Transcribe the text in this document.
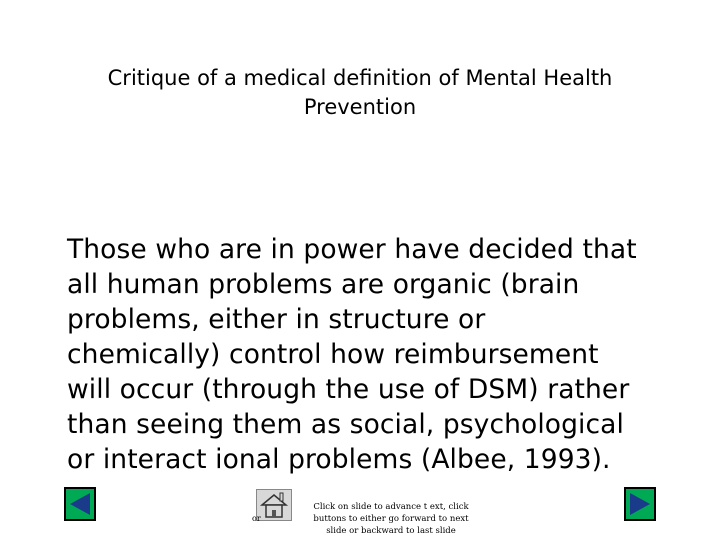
Critique of a medical definition of Mental Health
Prevention
Those who are in power have decided that
all human problems are organic (brain
problems, either in structure or
chemically) control how reimbursement
will occur (through the use of DSM) rather
than seeing them as social, psychological
or interact ional problems (Albee, 1993).
or
Click on slide to advance t ext, click
buttons to either go forward to next
slide or backward to last slide
